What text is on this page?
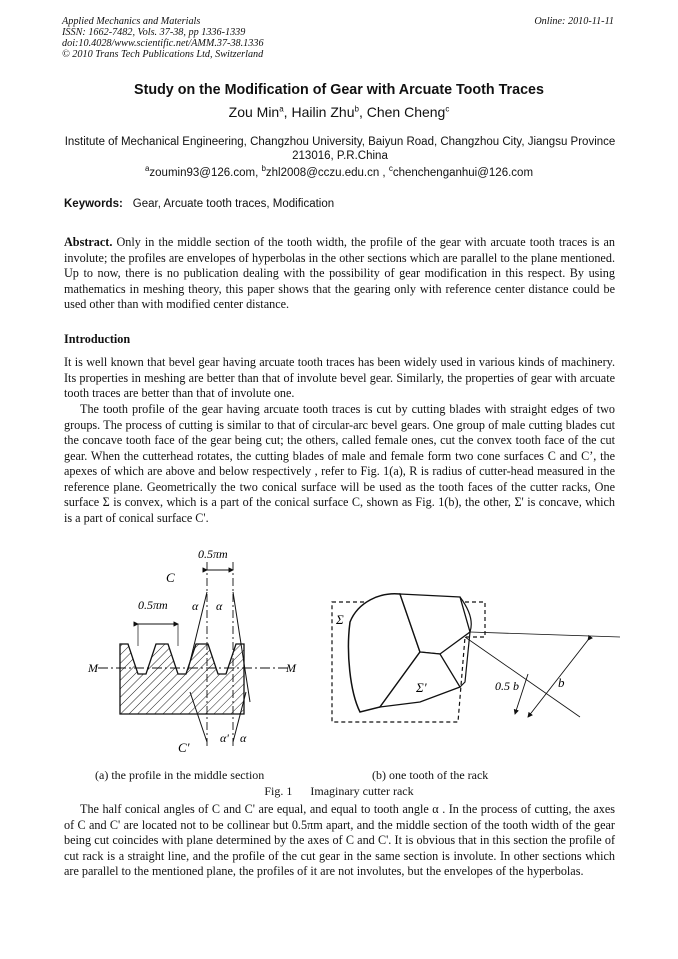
Applied Mechanics and Materials
ISSN: 1662-7482, Vols. 37-38, pp 1336-1339
doi:10.4028/www.scientific.net/AMM.37-38.1336
© 2010 Trans Tech Publications Ltd, Switzerland
Online: 2010-11-11
Study on the Modification of Gear with Arcuate Tooth Traces
Zou Min$^a$, Hailin Zhu$^b$, Chen Cheng$^c$
Institute of Mechanical Engineering, Changzhou University, Baiyun Road, Changzhou City, Jiangsu Province 213016, P.R.China
$^a$zoumin93@126.com, $^b$zhl2008@cczu.edu.cn , $^c$chenchenganhui@126.com
Keywords: Gear, Arcuate tooth traces, Modification
Abstract. Only in the middle section of the tooth width, the profile of the gear with arcuate tooth traces is an involute; the profiles are envelopes of hyperbolas in the other sections which are parallel to the plane mentioned. Up to now, there is no publication dealing with the possibility of gear modification in this respect. By using mathematics in meshing theory, this paper shows that the gearing only with reference center distance could be used other than with modified center distance.
Introduction
It is well known that bevel gear having arcuate tooth traces has been widely used in various kinds of machinery. Its properties in meshing are better than that of involute bevel gear. Similarly, the properties of gear with arcuate tooth traces are better than that of involute one.
The tooth profile of the gear having arcuate tooth traces is cut by cutting blades with straight edges of two groups. The process of cutting is similar to that of circular-arc bevel gears. One group of male cutting blades cut the concave tooth face of the gear being cut; the others, called female ones, cut the convex tooth face of the cut gear. When the cutterhead rotates, the cutting blades of male and female form two cone surfaces C and C’, the apexes of which are above and below respectively , refer to Fig. 1(a), R is radius of cutter-head measured in the reference plane. Geometrically the two conical surface will be used as the tooth faces of the cutter racks, One surface Σ is convex, which is a part of the conical surface C, shown as Fig. 1(b), the other, Σ' is concave, which is a part of conical surface C'.
M	M
0.5πm
C
0.5πm α α
C'
α' α
Σ
Σ'	0.5 b	b
(a) the profile in the middle section	(b) one tooth of the rack
Fig. 1 Imaginary cutter rack
The half conical angles of C and C' are equal, and equal to tooth angle α . In the process of cutting, the axes of C and C' are located not to be collinear but 0.5πm apart, and the middle section of the tooth width of the gear being cut coincides with plane determined by the axes of C and C'. It is obvious that in this section the profile of cut rack is a straight line, and the profile of the cut gear in the same section is involute. In other sections which are parallel to the mentioned plane, the profiles of it are not involutes, but the envelopes of the hyperbolas.
